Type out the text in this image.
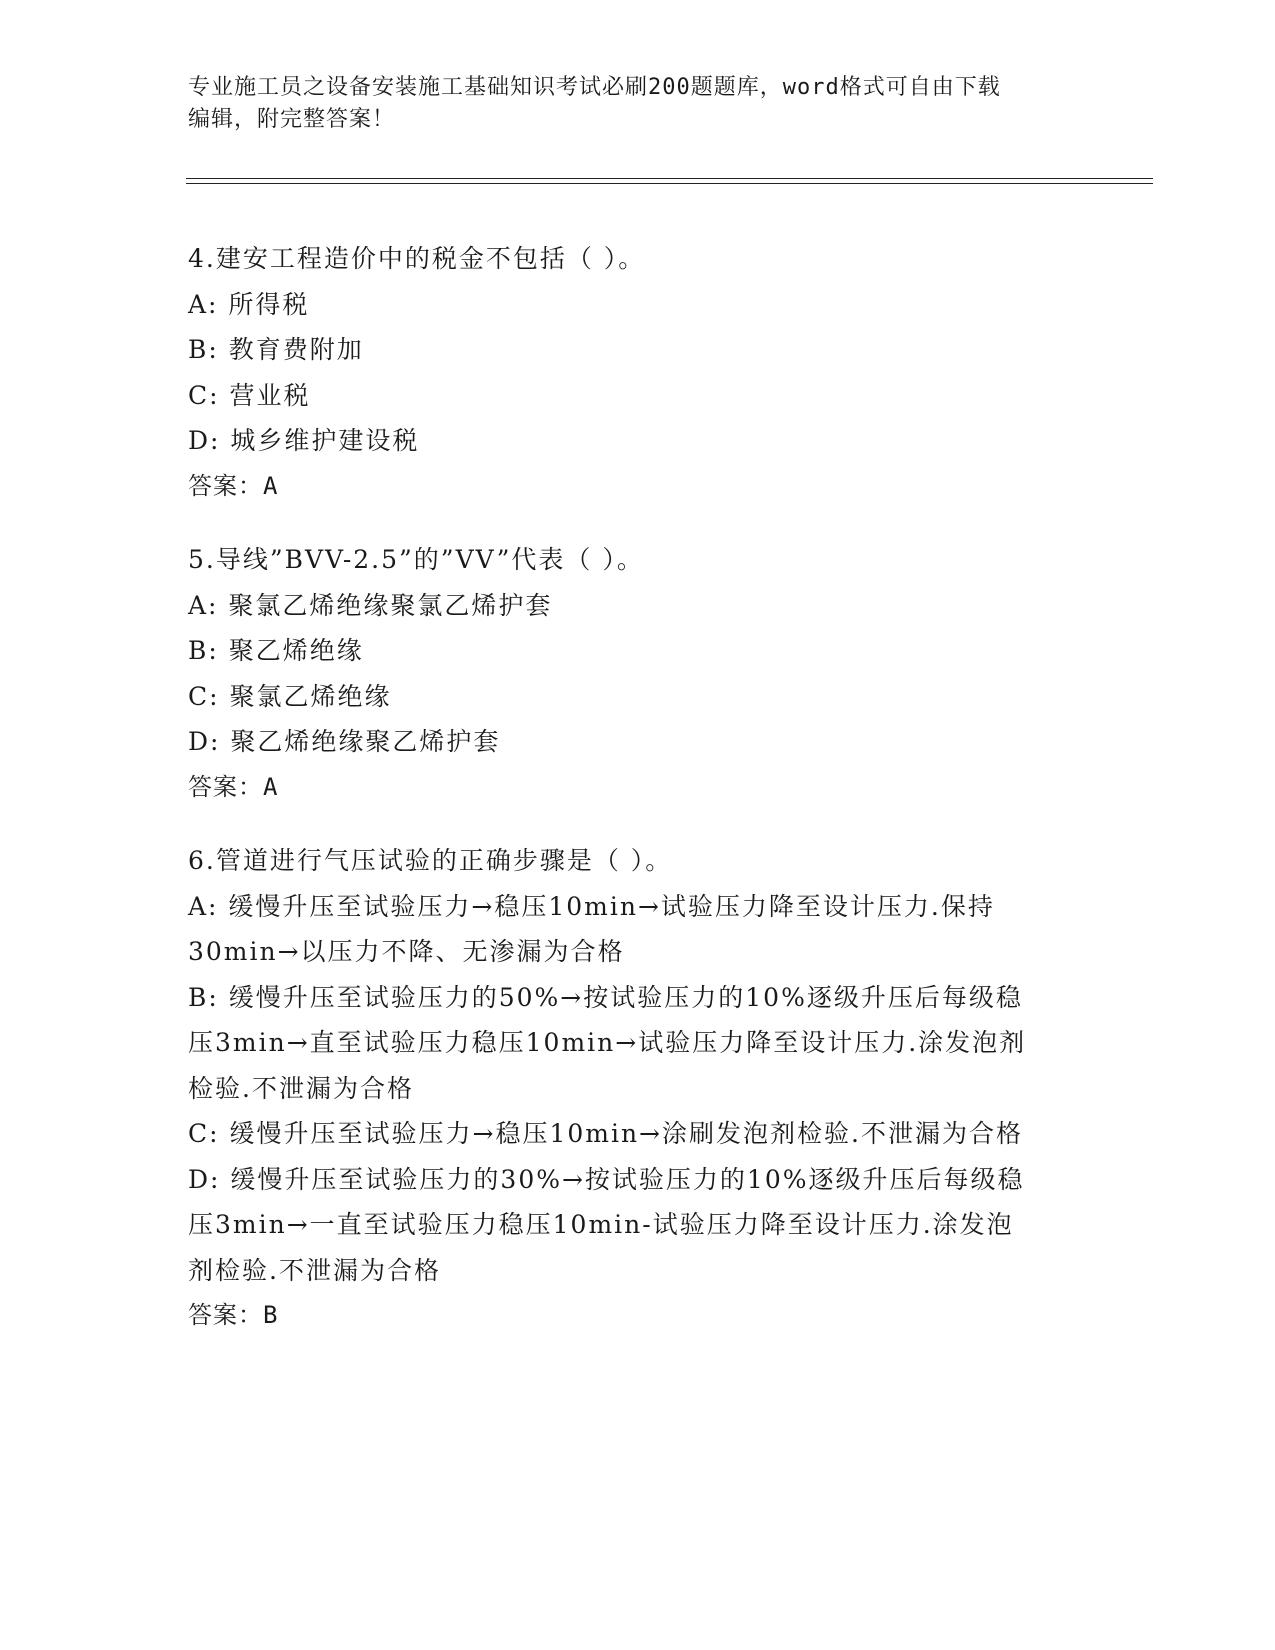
专业施工员之设备安装施工基础知识考试必刷200题题库，word格式可自由下载
编辑，附完整答案！
4.建安工程造价中的税金不包括（ ）。
A: 所得税
B: 教育费附加
C: 营业税
D: 城乡维护建设税
答案：A
5.导线”BVV-2.5”的”VV”代表（ ）。
A: 聚氯乙烯绝缘聚氯乙烯护套
B: 聚乙烯绝缘
C: 聚氯乙烯绝缘
D: 聚乙烯绝缘聚乙烯护套
答案：A
6.管道进行气压试验的正确步骤是（ ）。
A: 缓慢升压至试验压力→稳压10min→试验压力降至设计压力.保持
30min→以压力不降、无渗漏为合格
B: 缓慢升压至试验压力的50%→按试验压力的10%逐级升压后每级稳
压3min→直至试验压力稳压10min→试验压力降至设计压力.涂发泡剂
检验.不泄漏为合格
C: 缓慢升压至试验压力→稳压10min→涂刷发泡剂检验.不泄漏为合格
D: 缓慢升压至试验压力的30%→按试验压力的10%逐级升压后每级稳
压3min→一直至试验压力稳压10min-试验压力降至设计压力.涂发泡
剂检验.不泄漏为合格
答案：B
